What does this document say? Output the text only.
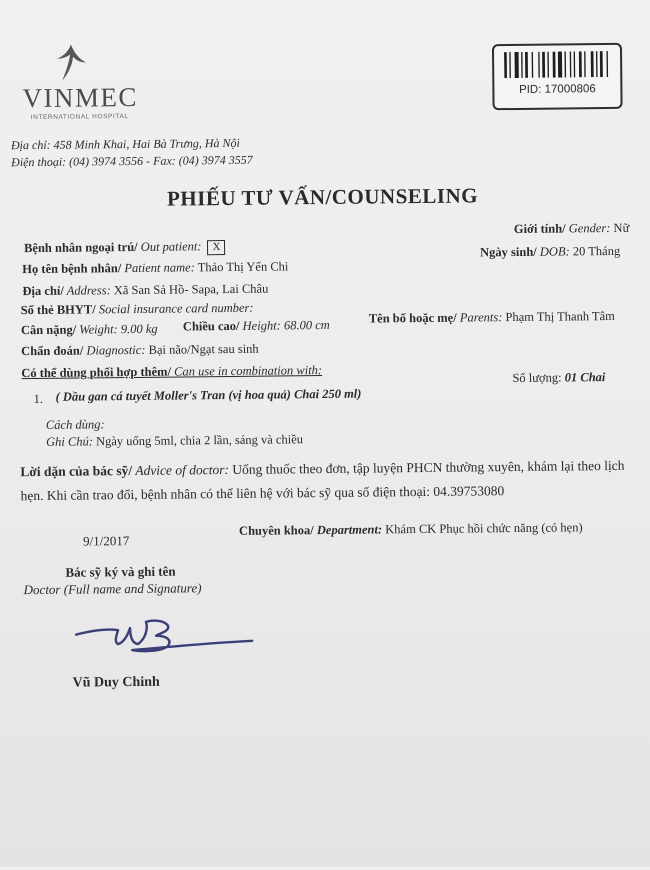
VINMEC
INTERNATIONAL HOSPITAL
PID: 17000806
Địa chỉ: 458 Minh Khai, Hai Bà Trưng, Hà Nội
Điện thoại: (04) 3974 3556 - Fax: (04) 3974 3557
PHIẾU TƯ VẤN/COUNSELING
Giới tính/ Gender: Nữ
Bệnh nhân ngoại trú/ Out patient: X	Ngày sinh/ DOB: 20 Tháng
Họ tên bệnh nhân/ Patient name: Thảo Thị Yến Chi
Địa chỉ/ Address: Xã San Sả Hồ- Sapa, Lai Châu
Số thẻ BHYT/ Social insurance card number:
Cân nặng/ Weight: 9.00 kg Chiều cao/ Height: 68.00 cm	Tên bố hoặc mẹ/ Parents: Phạm Thị Thanh Tâm
Chẩn đoán/ Diagnostic: Bại não/Ngạt sau sinh
Có thể dùng phối hợp thêm/ Can use in combination with:
1. ( Dầu gan cá tuyết Moller's Tran (vị hoa quả) Chai 250 ml)
Số lượng: 01 Chai
Cách dùng:
Ghi Chú: Ngày uống 5ml, chia 2 lần, sáng và chiều
Lời dặn của bác sỹ/ Advice of doctor: Uống thuốc theo đơn, tập luyện PHCN thường xuyên, khám lại theo lịch
hẹn. Khi cần trao đổi, bệnh nhân có thể liên hệ với bác sỹ qua số điện thoại: 04.39753080
9/1/2017
Chuyên khoa/ Department: Khám CK Phục hồi chức năng (có hẹn)
Bác sỹ ký và ghi tên
Doctor (Full name and Signature)
Vũ Duy Chinh
